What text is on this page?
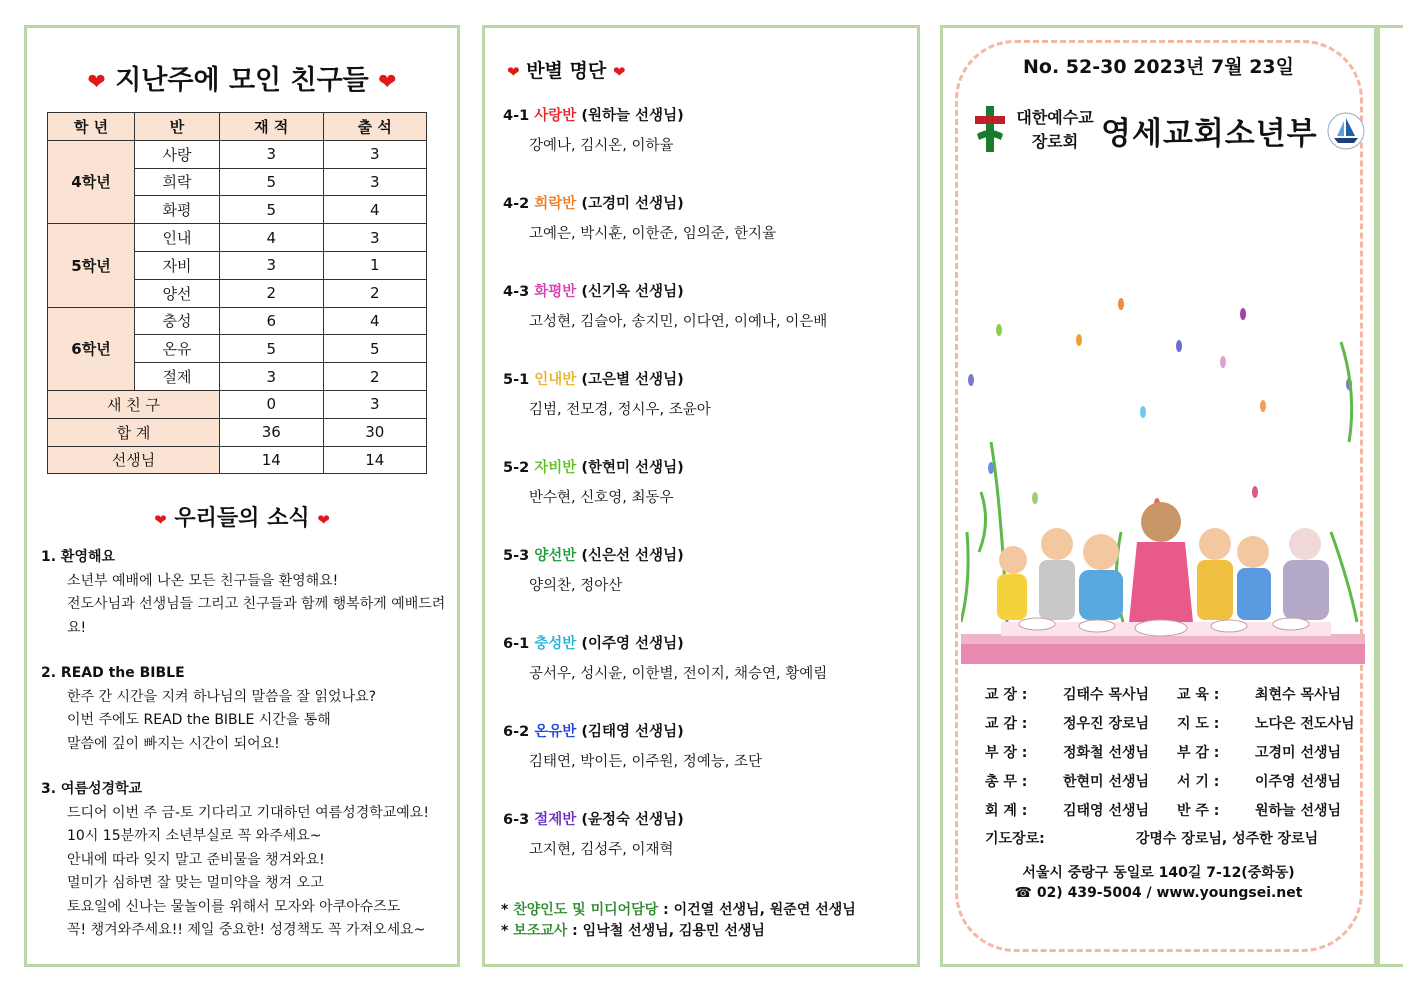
❤ 지난주에 모인 친구들 ❤
학 년	반	재 적	출 석
4학년	사랑	3	3
	희락	5	3
	화평	5	4
5학년	인내	4	3
	자비	3	1
	양선	2	2
6학년	충성	6	4
	온유	5	5
	절제	3	2
새 친 구		0	3
합 계		36	30
선생님		14	14
❤ 우리들의 소식 ❤
1. 환영해요
소년부 예배에 나온 모든 친구들을 환영해요!
전도사님과 선생님들 그리고 친구들과 함께 행복하게 예배드려요!
2. READ the BIBLE
한주 간 시간을 지켜 하나님의 말씀을 잘 읽었나요?
이번 주에도 READ the BIBLE 시간을 통해
말씀에 깊이 빠지는 시간이 되어요!
3. 여름성경학교
드디어 이번 주 금-토 기다리고 기대하던 여름성경학교예요!
10시 15분까지 소년부실로 꼭 와주세요~
안내에 따라 잊지 말고 준비물을 챙겨와요!
멀미가 심하면 잘 맞는 멀미약을 챙겨 오고
토요일에 신나는 물놀이를 위해서 모자와 아쿠아슈즈도
꼭! 챙겨와주세요!! 제일 중요한! 성경책도 꼭 가져오세요~
❤ 반별 명단 ❤
4-1 사랑반 (원하늘 선생님)
강예나, 김시온, 이하율
4-2 희락반 (고경미 선생님)
고예은, 박시훈, 이한준, 임의준, 한지율
4-3 화평반 (신기옥 선생님)
고성현, 김슬아, 송지민, 이다연, 이예나, 이은배
5-1 인내반 (고은별 선생님)
김범, 전모경, 정시우, 조윤아
5-2 자비반 (한현미 선생님)
반수현, 신호영, 최동우
5-3 양선반 (신은선 선생님)
양의찬, 정아산
6-1 충성반 (이주영 선생님)
공서우, 성시윤, 이한별, 전이지, 채승연, 황예림
6-2 온유반 (김태영 선생님)
김태연, 박이든, 이주원, 정예능, 조단
6-3 절제반 (윤정숙 선생님)
고지현, 김성주, 이재혁
* 찬양인도 및 미디어담당 : 이건열 선생님, 원준연 선생님
* 보조교사 : 임낙철 선생님, 김용민 선생님
No. 52-30 2023년 7월 23일
대한예수교
장로회 영세교회소년부
교 장 :	김태수 목사님 교 육 :	최현수 목사님
교 감 :	정우진 장로님 지 도 :	노다은 전도사님
부 장 :	정화철 선생님 부 감 :	고경미 선생님
총 무 :	한현미 선생님 서 기 :	이주영 선생님
회 계 :	김태영 선생님 반 주 :	원하늘 선생님
기도장로:	강명수 장로님, 성주한 장로님
서울시 중랑구 동일로 140길 7-12(중화동)
☎ 02) 439-5004 / www.youngsei.net
